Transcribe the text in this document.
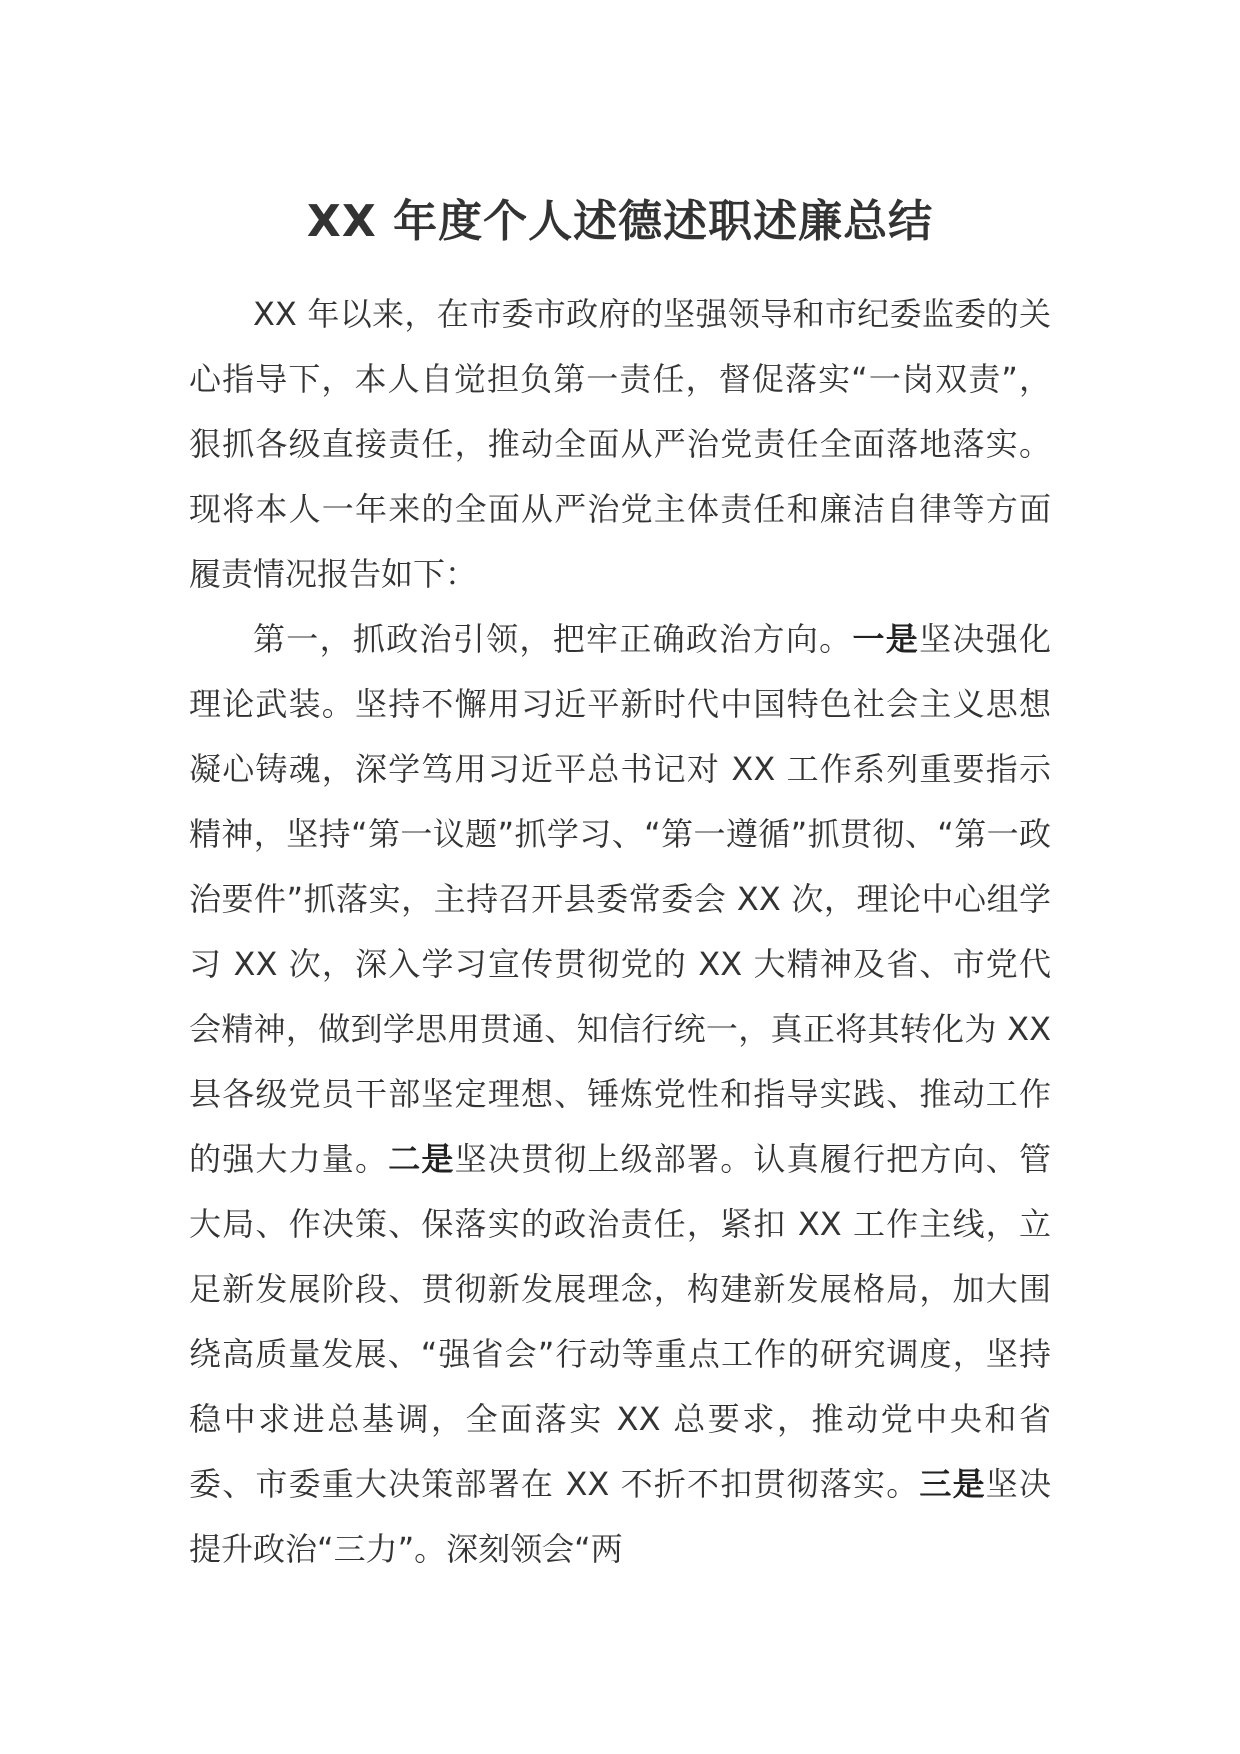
XX 年度个人述德述职述廉总结

XX 年以来，在市委市政府的坚强领导和市纪委监委的关心指导下，本人自觉担负第一责任，督促落实“一岗双责”，狠抓各级直接责任，推动全面从严治党责任全面落地落实。现将本人一年来的全面从严治党主体责任和廉洁自律等方面履责情况报告如下：

第一，抓政治引领，把牢正确政治方向。一是坚决强化理论武装。坚持不懈用习近平新时代中国特色社会主义思想凝心铸魂，深学笃用习近平总书记对 XX 工作系列重要指示精神，坚持“第一议题”抓学习、“第一遵循”抓贯彻、“第一政治要件”抓落实，主持召开县委常委会 XX 次，理论中心组学习 XX 次，深入学习宣传贯彻党的 XX 大精神及省、市党代会精神，做到学思用贯通、知信行统一，真正将其转化为 XX 县各级党员干部坚定理想、锤炼党性和指导实践、推动工作的强大力量。二是坚决贯彻上级部署。认真履行把方向、管大局、作决策、保落实的政治责任，紧扣 XX 工作主线，立足新发展阶段、贯彻新发展理念，构建新发展格局，加大围绕高质量发展、“强省会”行动等重点工作的研究调度，坚持稳中求进总基调，全面落实 XX 总要求，推动党中央和省委、市委重大决策部署在 XX 不折不扣贯彻落实。三是坚决提升政治“三力”。深刻领会“两
